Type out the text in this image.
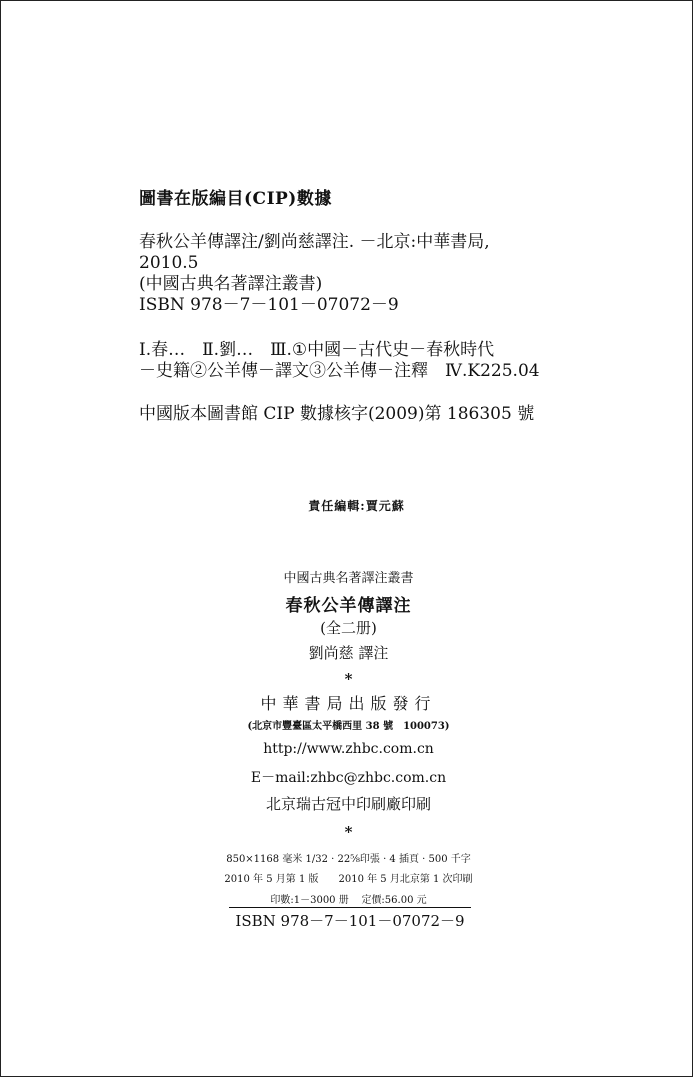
圖書在版編目(CIP)數據
春秋公羊傳譯注/劉尚慈譯注. －北京:中華書局,
2010.5
(中國古典名著譯注叢書)
ISBN 978－7－101－07072－9
Ⅰ.春…　Ⅱ.劉…　Ⅲ.①中國－古代史－春秋時代
－史籍②公羊傳－譯文③公羊傳－注釋　Ⅳ.K225.04
中國版本圖書館 CIP 數據核字(2009)第 186305 號
責任編輯:賈元蘇
中國古典名著譯注叢書
春秋公羊傳譯注
(全二册)
劉尚慈 譯注
*
中華書局出版發行
(北京市豐臺區太平橋西里 38 號　100073)
http://www.zhbc.com.cn
E－mail:zhbc@zhbc.com.cn
北京瑞古冠中印刷廠印刷
*
850×1168 毫米 1/32 · 22⅝印張 · 4 插頁 · 500 千字
2010 年 5 月第 1 版　　2010 年 5 月北京第 1 次印刷
印數:1－3000 册 定價:56.00 元
ISBN 978－7－101－07072－9
